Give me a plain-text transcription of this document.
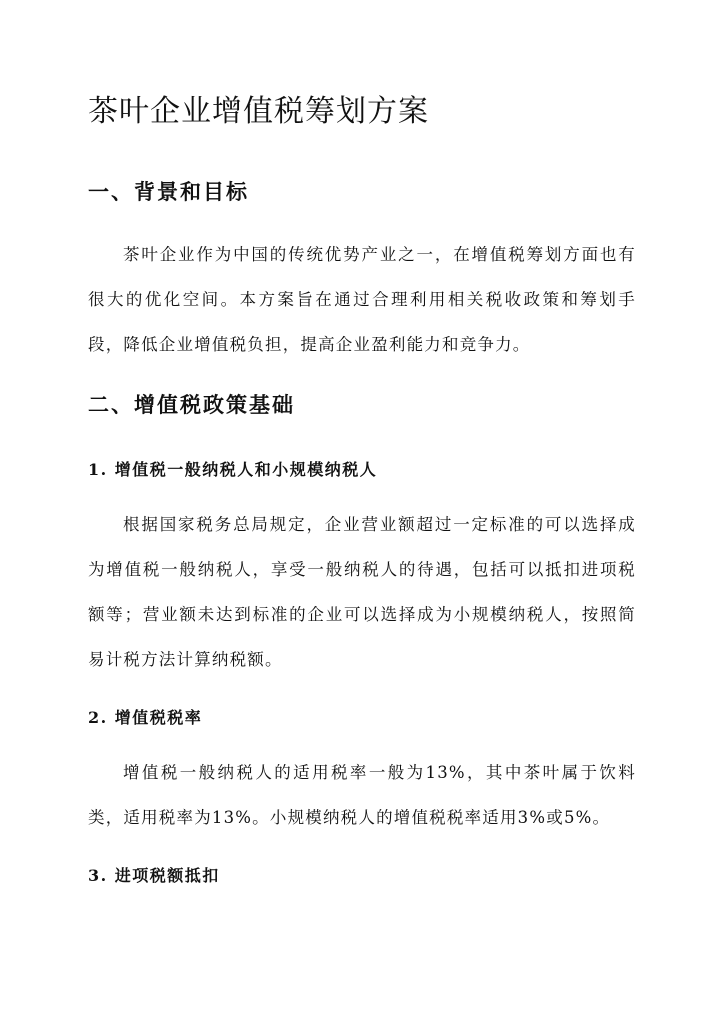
茶叶企业增值税筹划方案
一、背景和目标

茶叶企业作为中国的传统优势产业之一，在增值税筹划方面也有很大的优化空间。本方案旨在通过合理利用相关税收政策和筹划手段，降低企业增值税负担，提高企业盈利能力和竞争力。

二、增值税政策基础
1. 增值税一般纳税人和小规模纳税人

根据国家税务总局规定，企业营业额超过一定标准的可以选择成为增值税一般纳税人，享受一般纳税人的待遇，包括可以抵扣进项税额等；营业额未达到标准的企业可以选择成为小规模纳税人，按照简易计税方法计算纳税额。

2. 增值税税率

增值税一般纳税人的适用税率一般为13%，其中茶叶属于饮料类，适用税率为13%。小规模纳税人的增值税税率适用3%或5%。

3. 进项税额抵扣
